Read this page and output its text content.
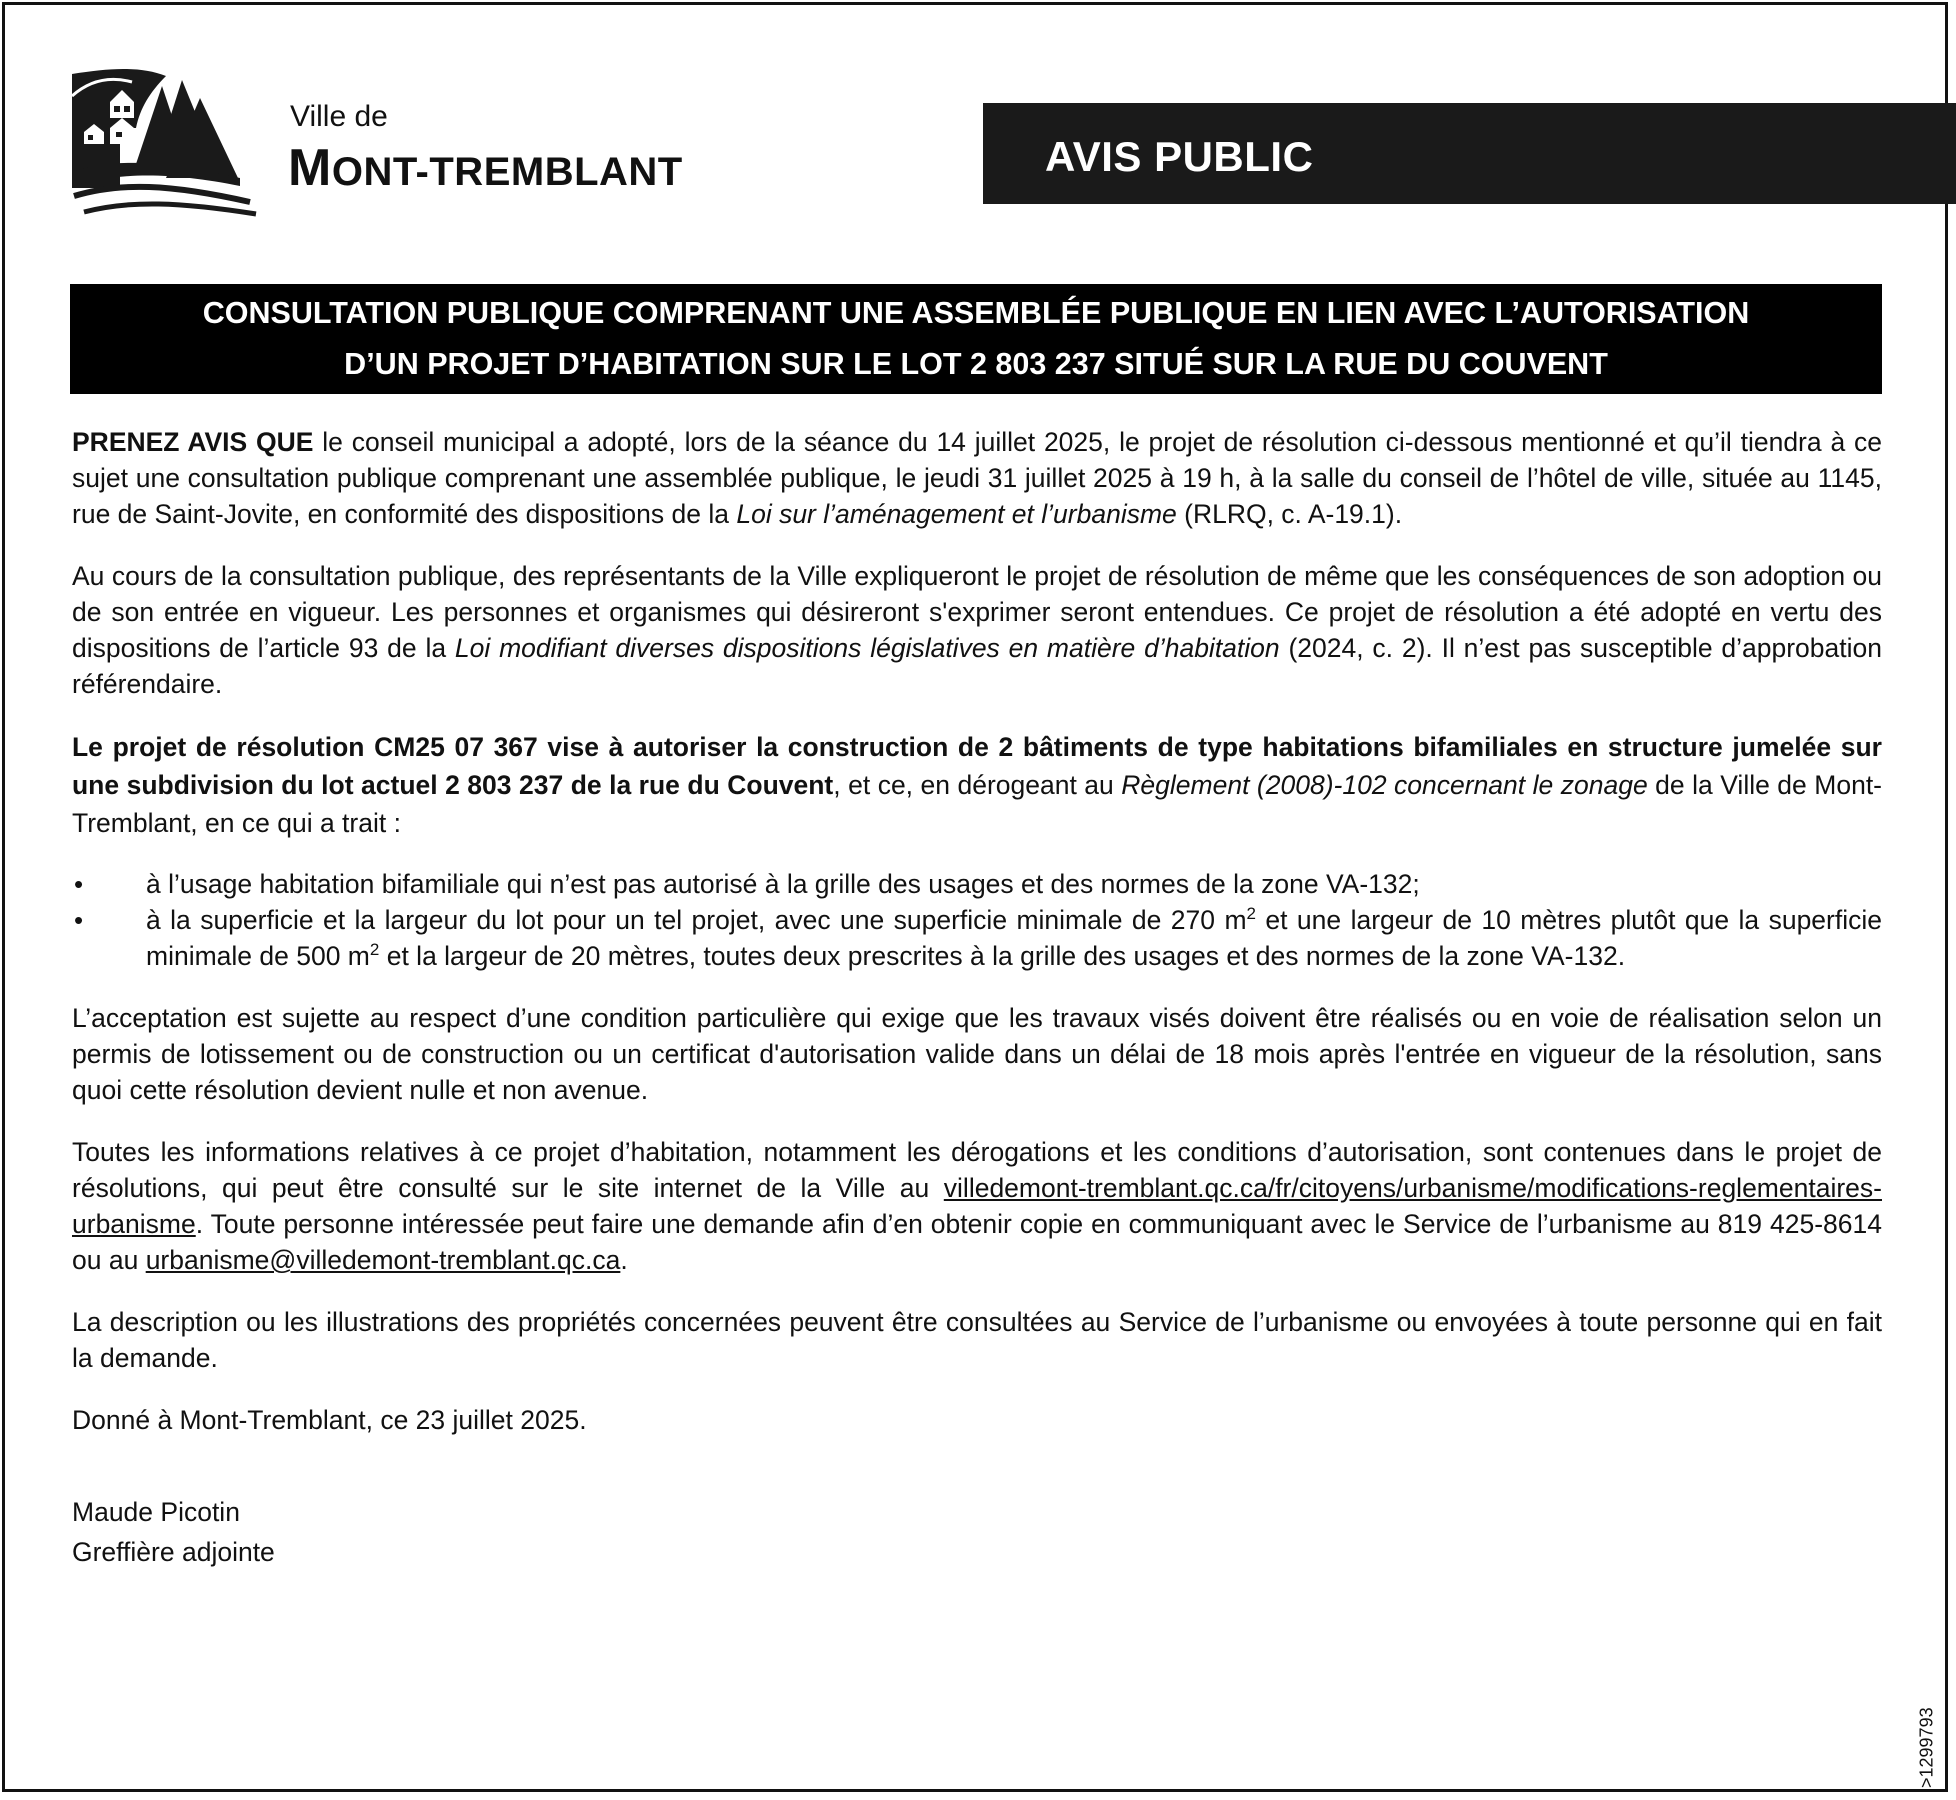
Ville de
MONT-TREMBLANT	AVIS PUBLIC
CONSULTATION PUBLIQUE COMPRENANT UNE ASSEMBLÉE PUBLIQUE EN LIEN AVEC L’AUTORISATION
D’UN PROJET D’HABITATION SUR LE LOT 2 803 237 SITUÉ SUR LA RUE DU COUVENT

PRENEZ AVIS QUE le conseil municipal a adopté, lors de la séance du 14 juillet 2025, le projet de résolution ci-dessous mentionné et qu’il tiendra à ce sujet une consultation publique comprenant une assemblée publique, le jeudi 31 juillet 2025 à 19 h, à la salle du conseil de l’hôtel de ville, située au 1145, rue de Saint-Jovite, en conformité des dispositions de la Loi sur l’aménagement et l’urbanisme (RLRQ, c. A-19.1).

Au cours de la consultation publique, des représentants de la Ville expliqueront le projet de résolution de même que les conséquences de son adoption ou de son entrée en vigueur. Les personnes et organismes qui désireront s'exprimer seront entendues. Ce projet de résolution a été adopté en vertu des dispositions de l’article 93 de la Loi modifiant diverses dispositions législatives en matière d’habitation (2024, c. 2). Il n’est pas susceptible d’approbation référendaire.

Le projet de résolution CM25 07 367 vise à autoriser la construction de 2 bâtiments de type habitations bifamiliales en structure jumelée sur une subdivision du lot actuel 2 803 237 de la rue du Couvent, et ce, en dérogeant au Règlement (2008)-102 concernant le zonage de la Ville de Mont-Tremblant, en ce qui a trait :

• à l’usage habitation bifamiliale qui n’est pas autorisé à la grille des usages et des normes de la zone VA-132;
• à la superficie et la largeur du lot pour un tel projet, avec une superficie minimale de 270 $m^2$ et une largeur de 10 mètres plutôt que la superficie minimale de 500 $m^2$ et la largeur de 20 mètres, toutes deux prescrites à la grille des usages et des normes de la zone VA-132.

L’acceptation est sujette au respect d’une condition particulière qui exige que les travaux visés doivent être réalisés ou en voie de réalisation selon un permis de lotissement ou de construction ou un certificat d'autorisation valide dans un délai de 18 mois après l'entrée en vigueur de la résolution, sans quoi cette résolution devient nulle et non avenue.

Toutes les informations relatives à ce projet d’habitation, notamment les dérogations et les conditions d’autorisation, sont contenues dans le projet de résolutions, qui peut être consulté sur le site internet de la Ville au villedemont-tremblant.qc.ca/fr/citoyens/urbanisme/modifications-reglementaires-urbanisme. Toute personne intéressée peut faire une demande afin d’en obtenir copie en communiquant avec le Service de l’urbanisme au 819 425-8614 ou au urbanisme@villedemont-tremblant.qc.ca.

La description ou les illustrations des propriétés concernées peuvent être consultées au Service de l’urbanisme ou envoyées à toute personne qui en fait la demande.

Donné à Mont-Tremblant, ce 23 juillet 2025.

Maude Picotin
Greffière adjointe
>1299793
